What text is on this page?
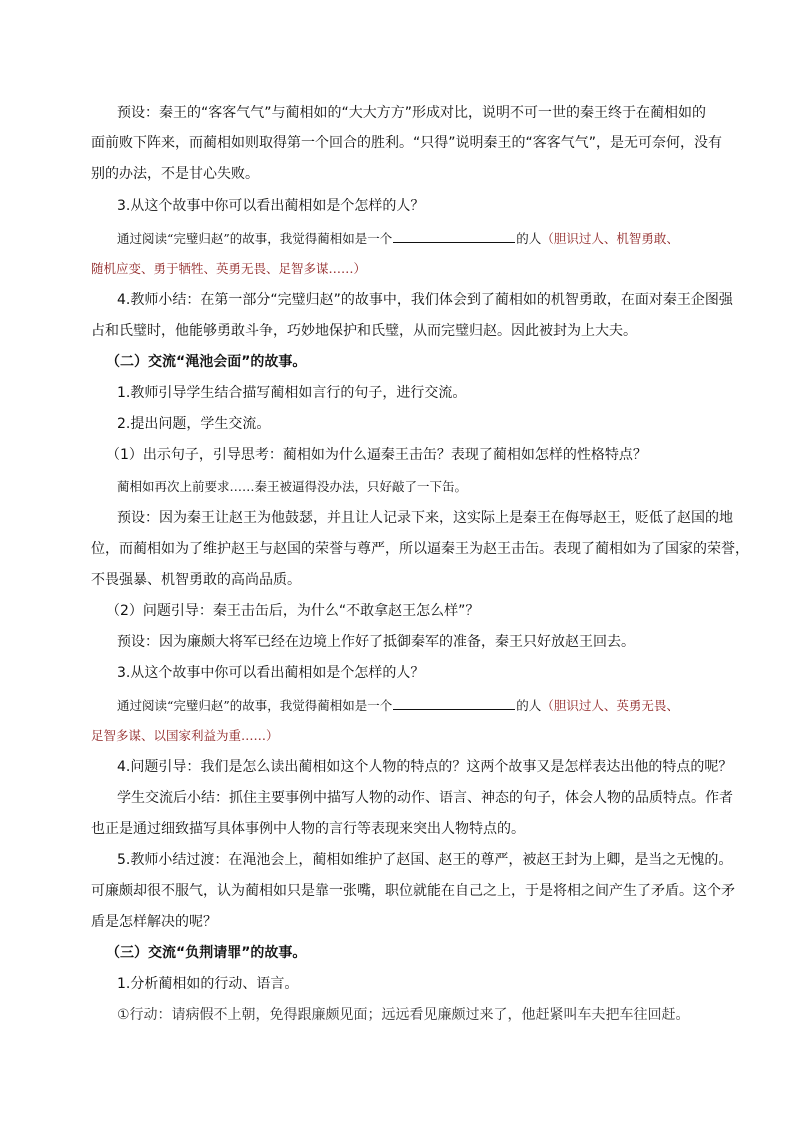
预设：秦王的“客客气气”与蔺相如的“大大方方”形成对比，说明不可一世的秦王终于在蔺相如的
面前败下阵来，而蔺相如则取得第一个回合的胜利。“只得”说明秦王的“客客气气”，是无可奈何，没有
别的办法，不是甘心失败。
3.从这个故事中你可以看出蔺相如是个怎样的人？
通过阅读“完璧归赵”的故事，我觉得蔺相如是一个	的人（胆识过人、机智勇敢、
随机应变、勇于牺牲、英勇无畏、足智多谋……）
4.教师小结：在第一部分“完璧归赵”的故事中，我们体会到了蔺相如的机智勇敢，在面对秦王企图强
占和氏璧时，他能够勇敢斗争，巧妙地保护和氏璧，从而完璧归赵。因此被封为上大夫。
（二）交流“渑池会面”的故事。
1.教师引导学生结合描写蔺相如言行的句子，进行交流。
2.提出问题，学生交流。
（1）出示句子，引导思考：蔺相如为什么逼秦王击缶？表现了蔺相如怎样的性格特点？
蔺相如再次上前要求……秦王被逼得没办法，只好敲了一下缶。
预设：因为秦王让赵王为他鼓瑟，并且让人记录下来，这实际上是秦王在侮辱赵王，贬低了赵国的地
位，而蔺相如为了维护赵王与赵国的荣誉与尊严，所以逼秦王为赵王击缶。表现了蔺相如为了国家的荣誉，
不畏强暴、机智勇敢的高尚品质。
（2）问题引导：秦王击缶后，为什么“不敢拿赵王怎么样”？
预设：因为廉颇大将军已经在边境上作好了抵御秦军的准备，秦王只好放赵王回去。
3.从这个故事中你可以看出蔺相如是个怎样的人？
通过阅读“完璧归赵”的故事，我觉得蔺相如是一个	的人（胆识过人、英勇无畏、
足智多谋、以国家利益为重……）
4.问题引导：我们是怎么读出蔺相如这个人物的特点的？这两个故事又是怎样表达出他的特点的呢？
学生交流后小结：抓住主要事例中描写人物的动作、语言、神态的句子，体会人物的品质特点。作者
也正是通过细致描写具体事例中人物的言行等表现来突出人物特点的。
5.教师小结过渡：在渑池会上，蔺相如维护了赵国、赵王的尊严，被赵王封为上卿，是当之无愧的。
可廉颇却很不服气，认为蔺相如只是靠一张嘴，职位就能在自己之上，于是将相之间产生了矛盾。这个矛
盾是怎样解决的呢？
（三）交流“负荆请罪”的故事。
1.分析蔺相如的行动、语言。
①行动：请病假不上朝，免得跟廉颇见面；远远看见廉颇过来了，他赶紧叫车夫把车往回赶。
